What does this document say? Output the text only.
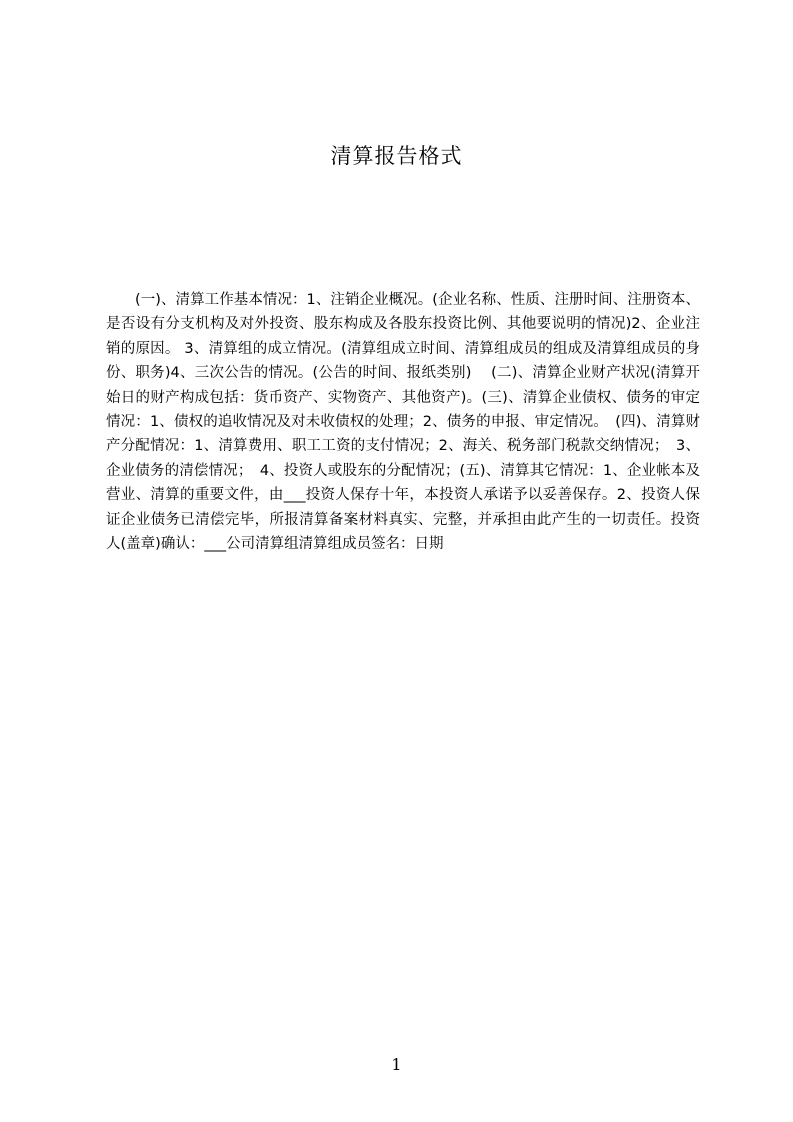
清算报告格式

(一)、清算工作基本情况：1、注销企业概况。(企业名称、性质、注册时间、注册资本、是否设有分支机构及对外投资、股东构成及各股东投资比例、其他要说明的情况)2、企业注销的原因。 3、清算组的成立情况。(清算组成立时间、清算组成员的组成及清算组成员的身份、职务)4、三次公告的情况。(公告的时间、报纸类别)　 (二)、清算企业财产状况(清算开始日的财产构成包括：货币资产、实物资产、其他资产)。(三)、清算企业债权、债务的审定情况：1、债权的追收情况及对未收债权的处理；2、债务的申报、审定情况。　(四)、清算财产分配情况：1、清算费用、职工工资的支付情况；2、海关、税务部门税款交纳情况；　3、企业债务的清偿情况；　4、投资人或股东的分配情况；(五)、清算其它情况：1、企业帐本及营业、清算的重要文件，由___投资人保存十年，本投资人承诺予以妥善保存。2、投资人保证企业债务已清偿完毕，所报清算备案材料真实、完整，并承担由此产生的一切责任。投资人(盖章)确认：___公司清算组清算组成员签名：日期

1
